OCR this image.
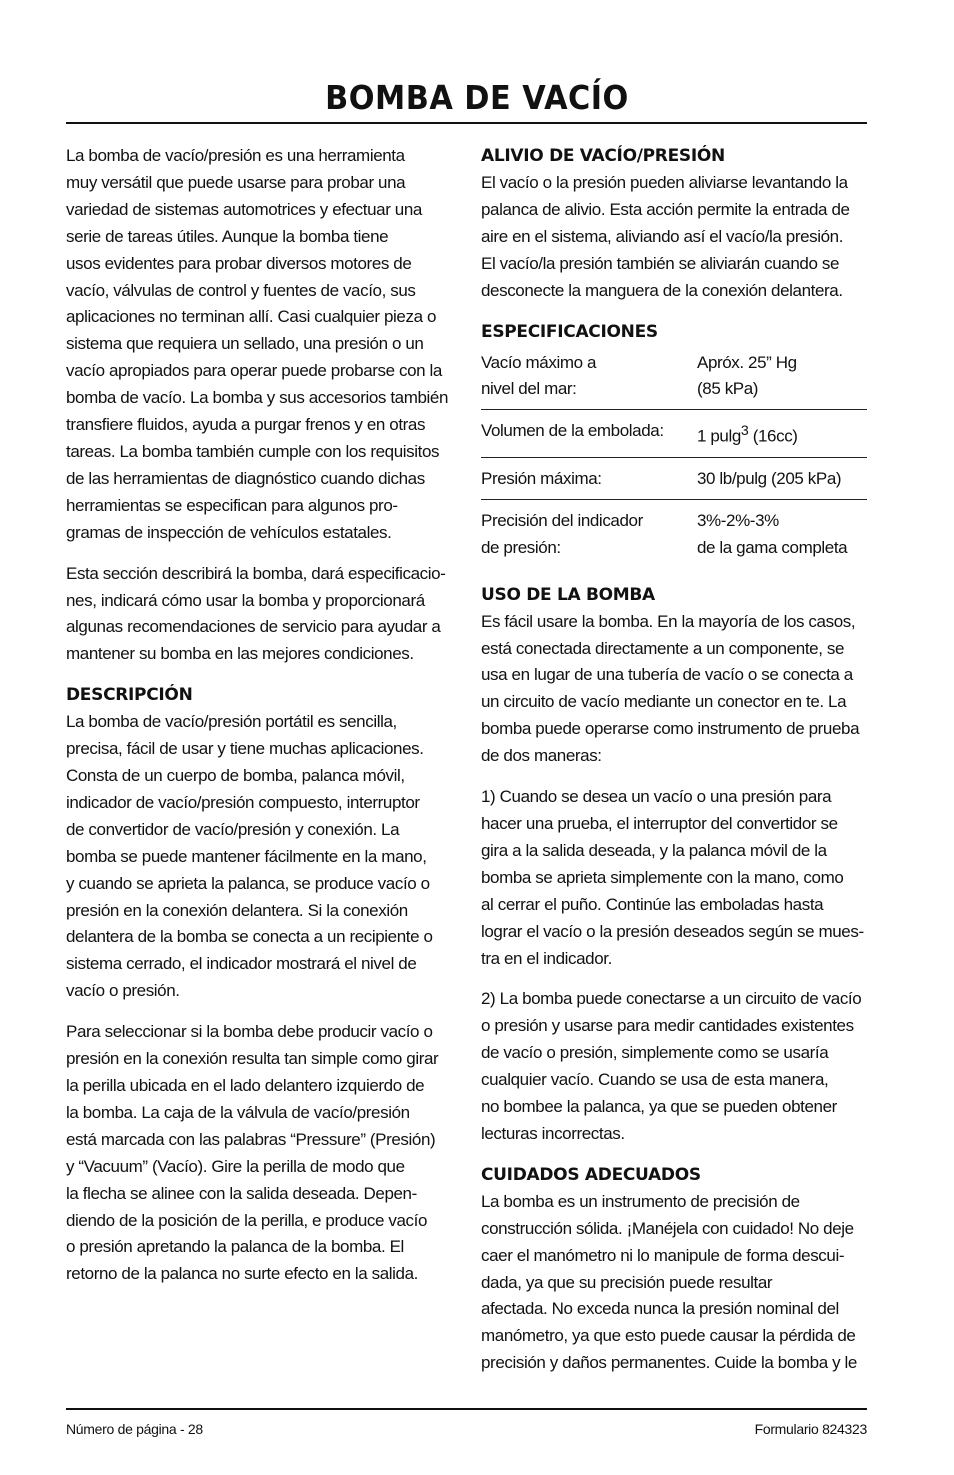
BOMBA DE VACÍO

La bomba de vacío/presión es una herramienta
muy versátil que puede usarse para probar una
variedad de sistemas automotrices y efectuar una
serie de tareas útiles. Aunque la bomba tiene
usos evidentes para probar diversos motores de
vacío, válvulas de control y fuentes de vacío, sus
aplicaciones no terminan allí. Casi cualquier pieza o
sistema que requiera un sellado, una presión o un
vacío apropiados para operar puede probarse con la
bomba de vacío. La bomba y sus accesorios también
transfiere fluidos, ayuda a purgar frenos y en otras
tareas. La bomba también cumple con los requisitos
de las herramientas de diagnóstico cuando dichas
herramientas se especifican para algunos pro-
gramas de inspección de vehículos estatales.

Esta sección describirá la bomba, dará especificacio-
nes, indicará cómo usar la bomba y proporcionará
algunas recomendaciones de servicio para ayudar a
mantener su bomba en las mejores condiciones.

DESCRIPCIÓN

La bomba de vacío/presión portátil es sencilla,
precisa, fácil de usar y tiene muchas aplicaciones.
Consta de un cuerpo de bomba, palanca móvil,
indicador de vacío/presión compuesto, interruptor
de convertidor de vacío/presión y conexión. La
bomba se puede mantener fácilmente en la mano,
y cuando se aprieta la palanca, se produce vacío o
presión en la conexión delantera. Si la conexión
delantera de la bomba se conecta a un recipiente o
sistema cerrado, el indicador mostrará el nivel de
vacío o presión.

Para seleccionar si la bomba debe producir vacío o
presión en la conexión resulta tan simple como girar
la perilla ubicada en el lado delantero izquierdo de
la bomba. La caja de la válvula de vacío/presión
está marcada con las palabras “Pressure” (Presión)
y “Vacuum” (Vacío). Gire la perilla de modo que
la flecha se alinee con la salida deseada. Depen-
diendo de la posición de la perilla, e produce vacío
o presión apretando la palanca de la bomba. El
retorno de la palanca no surte efecto en la salida.

ALIVIO DE VACÍO/PRESIÓN

El vacío o la presión pueden aliviarse levantando la
palanca de alivio. Esta acción permite la entrada de
aire en el sistema, aliviando así el vacío/la presión.
El vacío/la presión también se aliviarán cuando se
desconecte la manguera de la conexión delantera.

ESPECIFICACIONES
Vacío máximo a
nivel del mar:	Apróx. 25” Hg
(85 kPa)
Volumen de la embolada:	1 pulg$^3$ (16cc)
Presión máxima:	30 lb/pulg (205 kPa)
Precisión del indicador
de presión:	3%-2%-3%
de la gama completa
USO DE LA BOMBA

Es fácil usare la bomba. En la mayoría de los casos,
está conectada directamente a un componente, se
usa en lugar de una tubería de vacío o se conecta a
un circuito de vacío mediante un conector en te. La
bomba puede operarse como instrumento de prueba
de dos maneras:

1) Cuando se desea un vacío o una presión para
hacer una prueba, el interruptor del convertidor se
gira a la salida deseada, y la palanca móvil de la
bomba se aprieta simplemente con la mano, como
al cerrar el puño. Continúe las emboladas hasta
lograr el vacío o la presión deseados según se mues-
tra en el indicador.

2) La bomba puede conectarse a un circuito de vacío
o presión y usarse para medir cantidades existentes
de vacío o presión, simplemente como se usaría
cualquier vacío. Cuando se usa de esta manera,
no bombee la palanca, ya que se pueden obtener
lecturas incorrectas.

CUIDADOS ADECUADOS

La bomba es un instrumento de precisión de
construcción sólida. ¡Manéjela con cuidado! No deje
caer el manómetro ni lo manipule de forma descui-
dada, ya que su precisión puede resultar
afectada. No exceda nunca la presión nominal del
manómetro, ya que esto puede causar la pérdida de
precisión y daños permanentes. Cuide la bomba y le

Número de página - 28	Formulario 824323
